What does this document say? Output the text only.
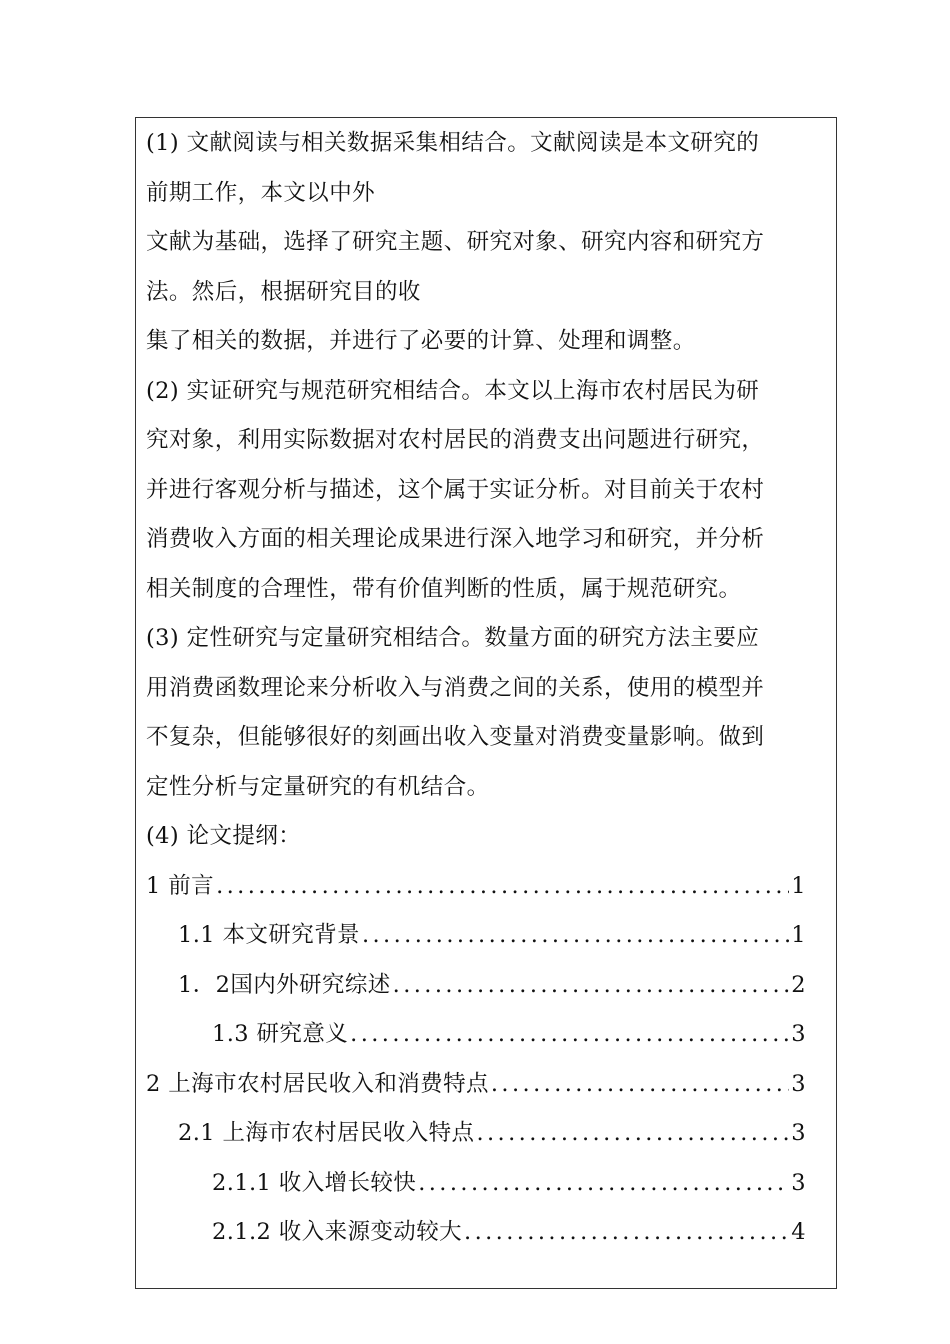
(1) 文献阅读与相关数据采集相结合。文献阅读是本文研究的
前期工作，本文以中外
文献为基础，选择了研究主题、研究对象、研究内容和研究方
法。然后，根据研究目的收
集了相关的数据，并进行了必要的计算、处理和调整。
(2) 实证研究与规范研究相结合。本文以上海市农村居民为研
究对象，利用实际数据对农村居民的消费支出问题进行研究，
并进行客观分析与描述，这个属于实证分析。对目前关于农村
消费收入方面的相关理论成果进行深入地学习和研究，并分析
相关制度的合理性，带有价值判断的性质，属于规范研究。
(3) 定性研究与定量研究相结合。数量方面的研究方法主要应
用消费函数理论来分析收入与消费之间的关系，使用的模型并
不复杂，但能够很好的刻画出收入变量对消费变量影响。做到
定性分析与定量研究的有机结合。
(4) 论文提纲：
1 前言 .....	1
1.1 本文研究背景 .....	1
1．2国内外研究综述 .....	2
1.3 研究意义 .....	3
2 上海市农村居民收入和消费特点 .....	3
2.1 上海市农村居民收入特点 .....	3
2.1.1 收入增长较快 .....	3
2.1.2 收入来源变动较大 .....	4
